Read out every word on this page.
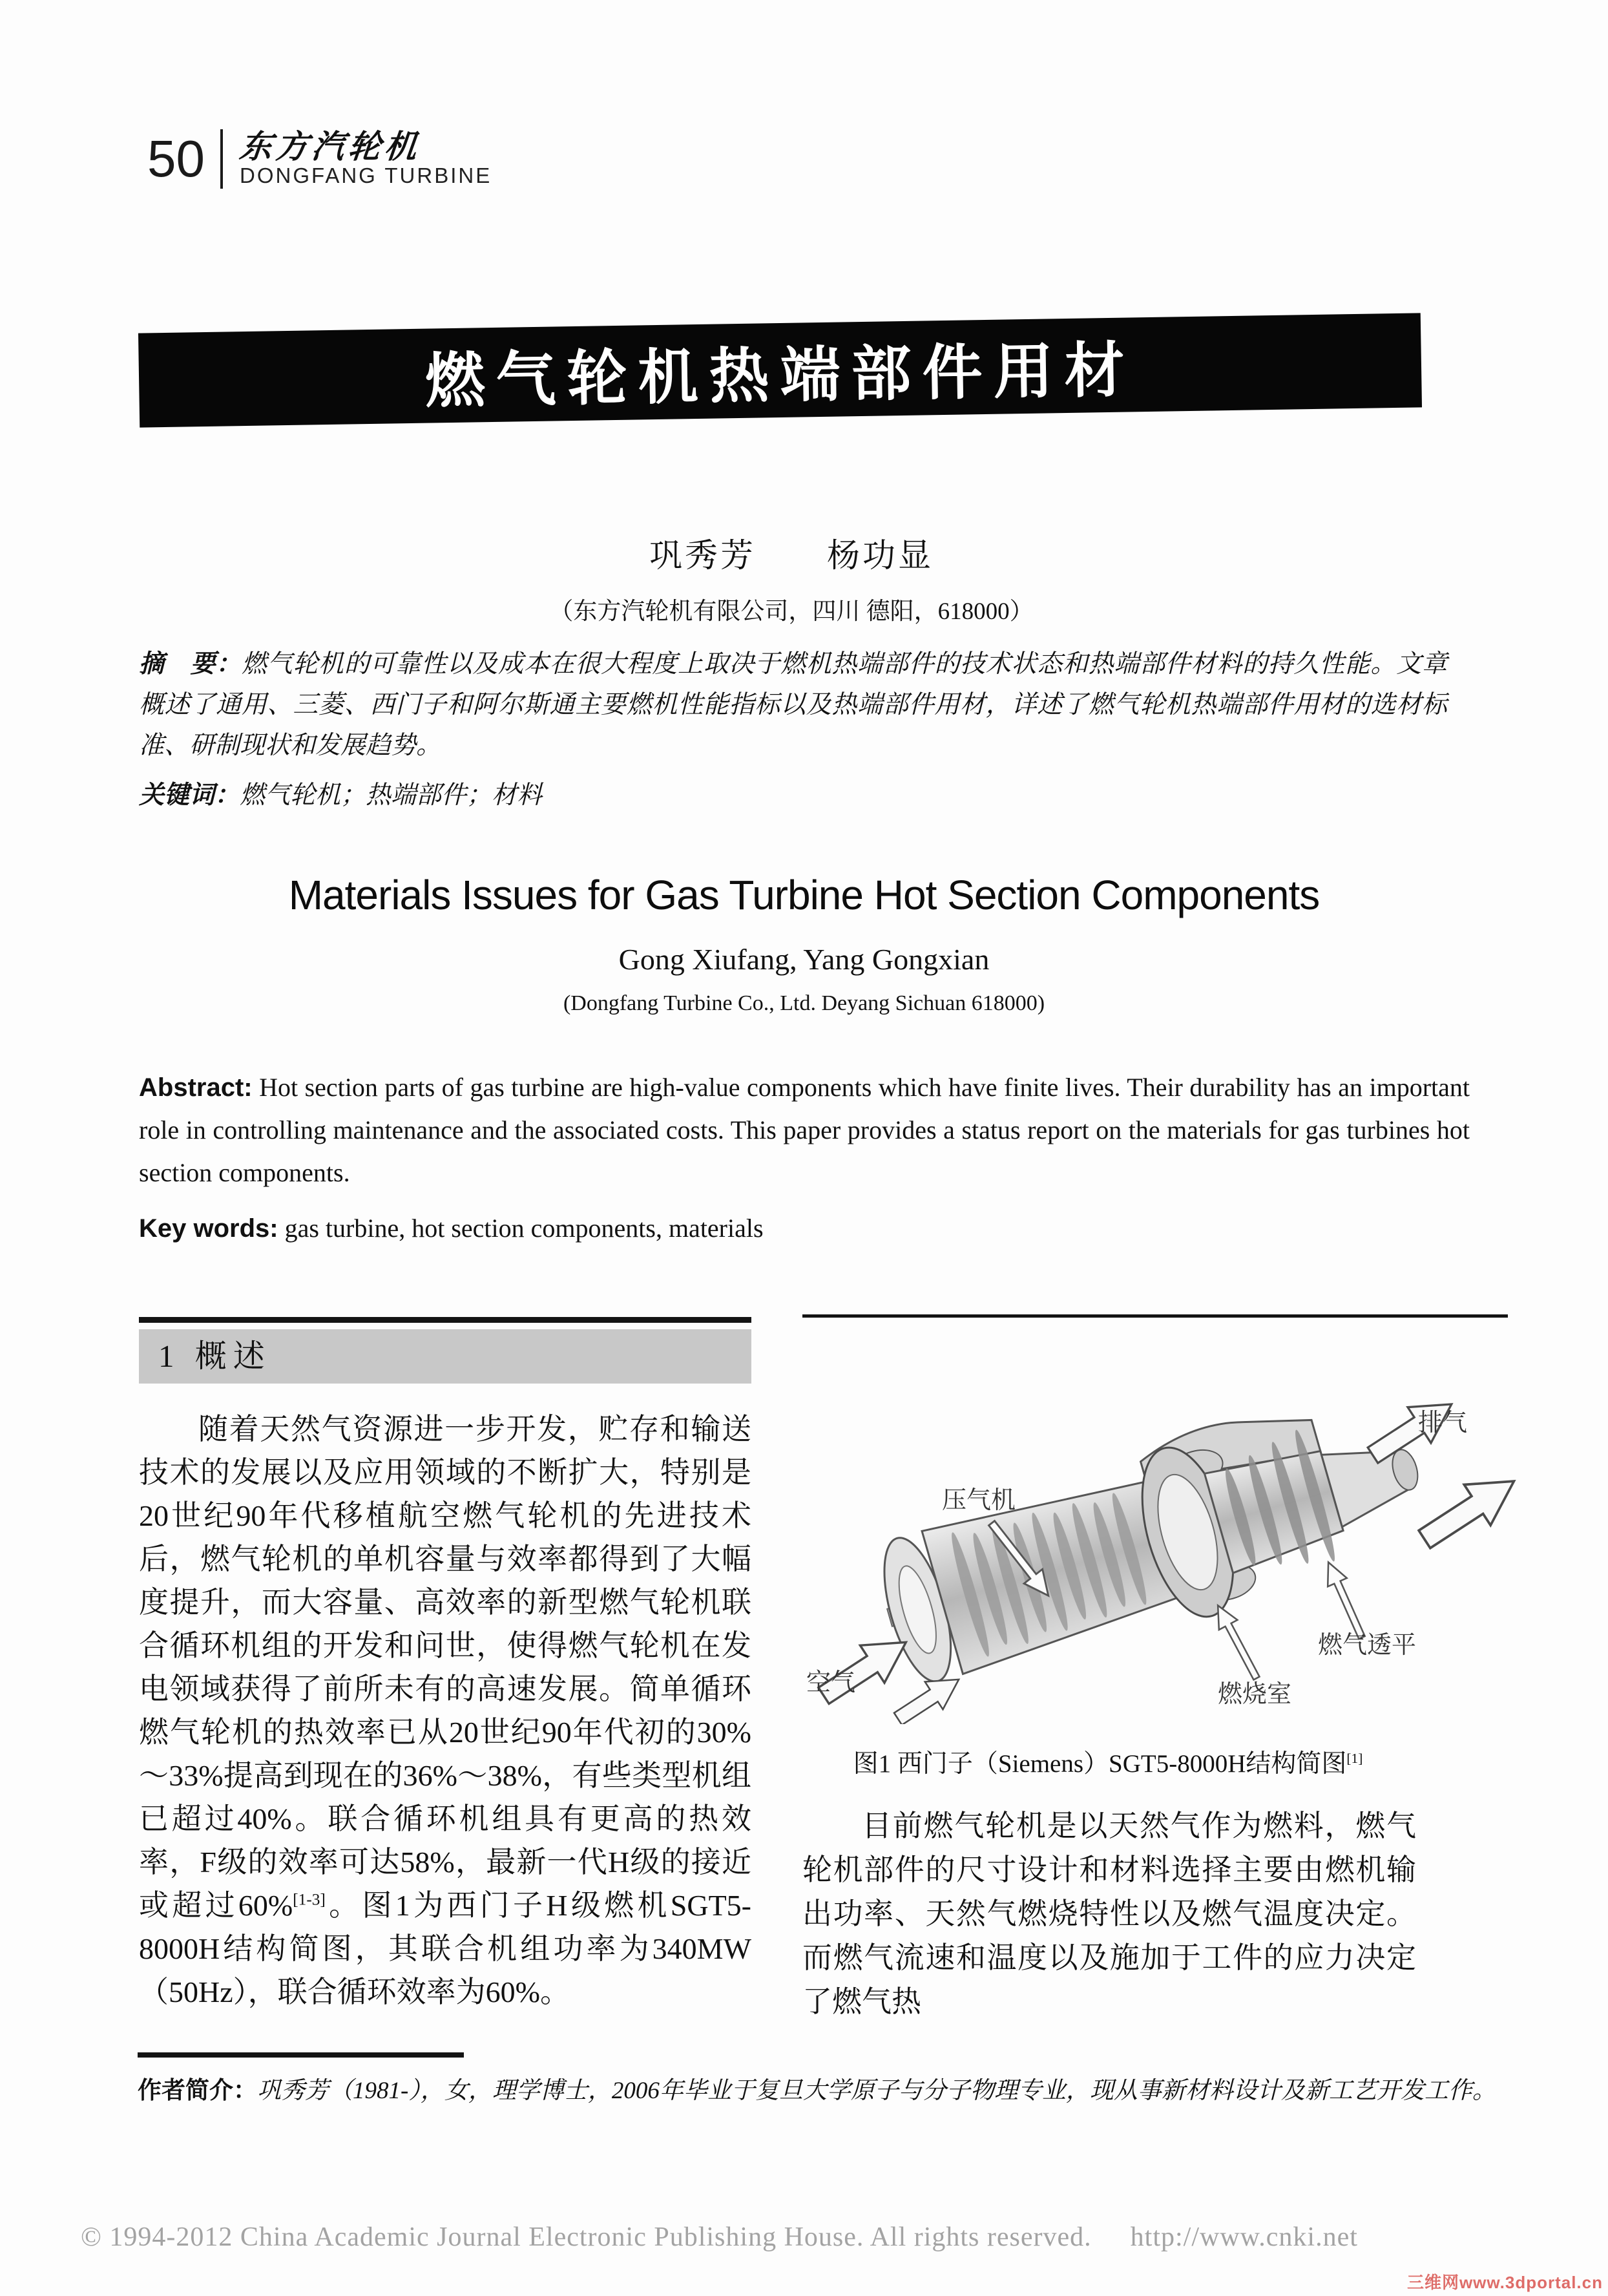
50 东方汽轮机
DONGFANG TURBINE
燃气轮机热端部件用材
巩秀芳　　杨功显
（东方汽轮机有限公司，四川 德阳，618000）

摘　要：燃气轮机的可靠性以及成本在很大程度上取决于燃机热端部件的技术状态和热端部件材料的持久性能。文章概述了通用、三菱、西门子和阿尔斯通主要燃机性能指标以及热端部件用材，详述了燃气轮机热端部件用材的选材标准、研制现状和发展趋势。

关键词：燃气轮机；热端部件；材料

Materials Issues for Gas Turbine Hot Section Components
Gong Xiufang, Yang Gongxian
(Dongfang Turbine Co., Ltd. Deyang Sichuan 618000)

Abstract: Hot section parts of gas turbine are high-value components which have finite lives. Their durability has an important role in controlling maintenance and the associated costs. This paper provides a status report on the materials for gas turbines hot section components.

Key words: gas turbine, hot section components, materials

1 概述

随着天然气资源进一步开发，贮存和输送技术的发展以及应用领域的不断扩大，特别是20世纪90年代移植航空燃气轮机的先进技术后，燃气轮机的单机容量与效率都得到了大幅度提升，而大容量、高效率的新型燃气轮机联合循环机组的开发和问世，使得燃气轮机在发电领域获得了前所未有的高速发展。简单循环燃气轮机的热效率已从20世纪90年代初的30%～33%提高到现在的36%～38%，有些类型机组已超过40%。联合循环机组具有更高的热效率，F级的效率可达58%，最新一代H级的接近或超过60%[1-3]。图1为西门子H级燃机SGT5-8000H结构简图，其联合机组功率为340MW（50Hz），联合循环效率为60%。

排气
压气机
燃气透平
燃烧室
空气
图1 西门子（Siemens）SGT5-8000H结构简图[1]

目前燃气轮机是以天然气作为燃料，燃气轮机部件的尺寸设计和材料选择主要由燃机输出功率、天然气燃烧特性以及燃气温度决定。而燃气流速和温度以及施加于工件的应力决定了燃气热

作者简介：巩秀芳（1981-），女，理学博士，2006年毕业于复旦大学原子与分子物理专业，现从事新材料设计及新工艺开发工作。
© 1994-2012 China Academic Journal Electronic Publishing House. All rights reserved. http://www.cnki.net
三维网www.3dportal.cn
